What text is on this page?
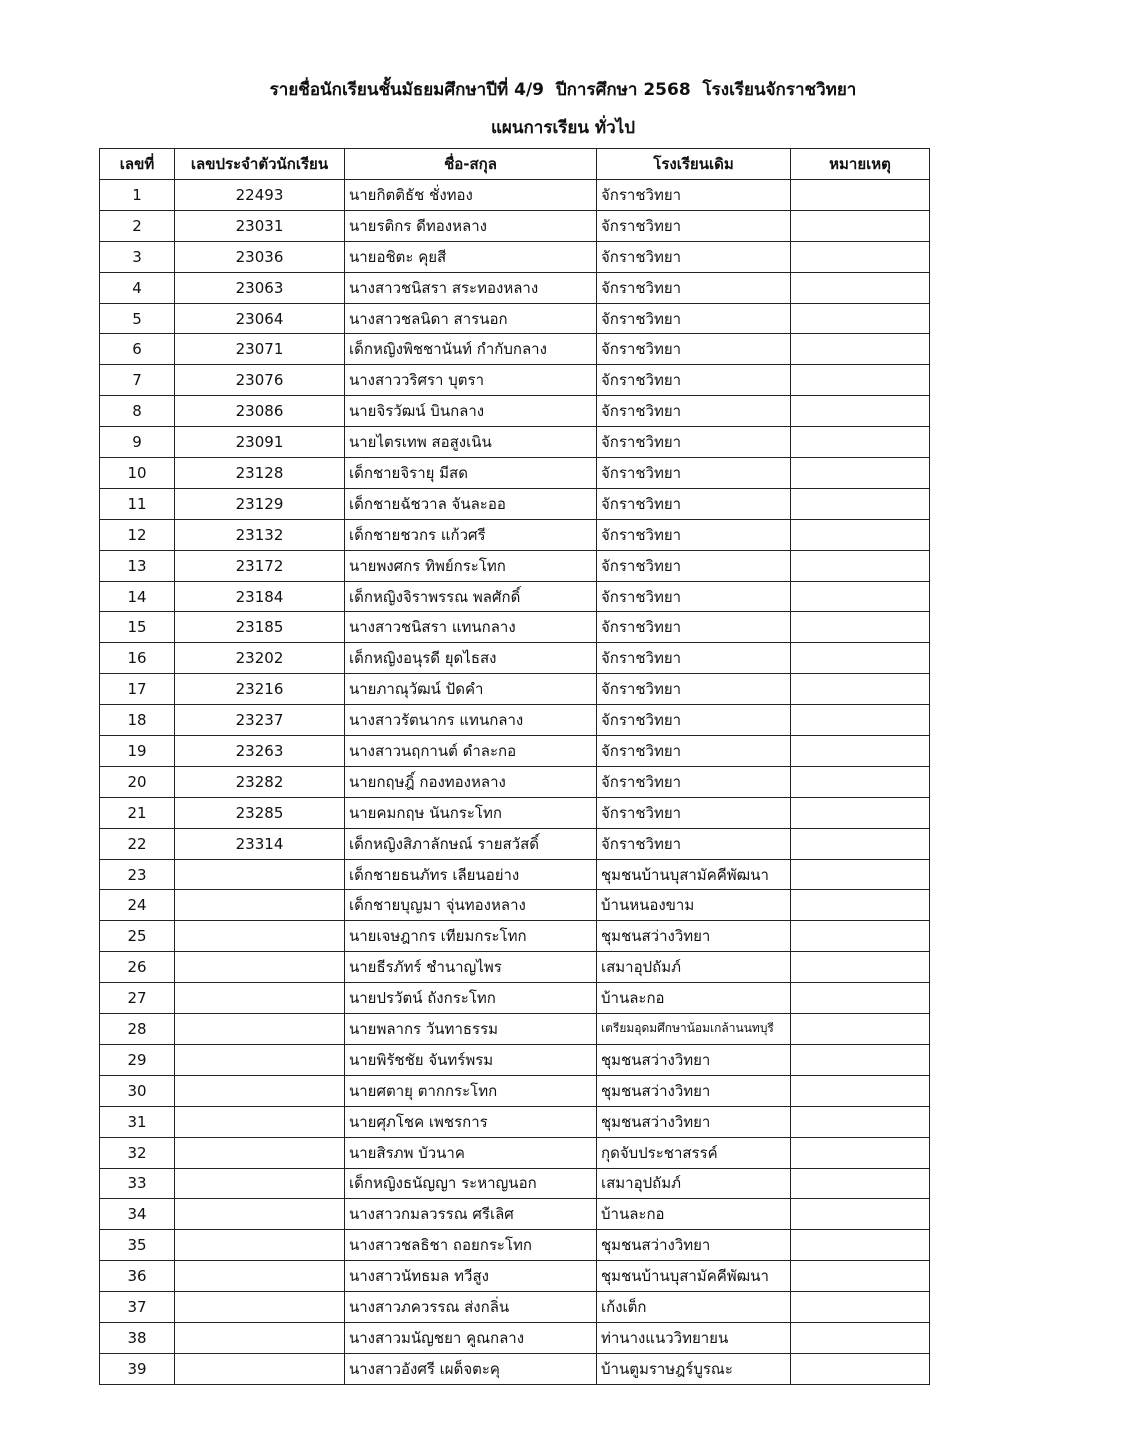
รายชื่อนักเรียนชั้นมัธยมศึกษาปีที่ 4/9  ปีการศึกษา 2568  โรงเรียนจักราชวิทยา
แผนการเรียน ทั่วไป
เลขที่	เลขประจำตัวนักเรียน	ชื่อ-สกุล	โรงเรียนเดิม	หมายเหตุ
1	22493	นายกิตติธัช ชั่งทอง	จักราชวิทยา	
2	23031	นายรติกร ดีทองหลาง	จักราชวิทยา	
3	23036	นายอชิตะ คุยสี	จักราชวิทยา	
4	23063	นางสาวชนิสรา สระทองหลาง	จักราชวิทยา	
5	23064	นางสาวชลนิดา สารนอก	จักราชวิทยา	
6	23071	เด็กหญิงพิชชานันท์ กำกับกลาง	จักราชวิทยา	
7	23076	นางสาววริศรา บุตรา	จักราชวิทยา	
8	23086	นายจิรวัฒน์ บินกลาง	จักราชวิทยา	
9	23091	นายไตรเทพ สอสูงเนิน	จักราชวิทยา	
10	23128	เด็กชายจิรายุ มีสด	จักราชวิทยา	
11	23129	เด็กชายฉัชวาล จันละออ	จักราชวิทยา	
12	23132	เด็กชายชวกร แก้วศรี	จักราชวิทยา	
13	23172	นายพงศกร ทิพย์กระโทก	จักราชวิทยา	
14	23184	เด็กหญิงจิราพรรณ พลศักดิ์	จักราชวิทยา	
15	23185	นางสาวชนิสรา แทนกลาง	จักราชวิทยา	
16	23202	เด็กหญิงอนุรดี ยุดไธสง	จักราชวิทยา	
17	23216	นายภาณุวัฒน์ ปัดคำ	จักราชวิทยา	
18	23237	นางสาวรัตนากร แทนกลาง	จักราชวิทยา	
19	23263	นางสาวนฤกานต์ ดำละกอ	จักราชวิทยา	
20	23282	นายกฤษฎิ์ กองทองหลาง	จักราชวิทยา	
21	23285	นายคมกฤษ นันกระโทก	จักราชวิทยา	
22	23314	เด็กหญิงสิภาลักษณ์ รายสวัสดิ์	จักราชวิทยา	
23		เด็กชายธนภัทร เลียนอย่าง	ชุมชนบ้านบุสามัคคีพัฒนา	
24		เด็กชายบุญมา จุ่นทองหลาง	บ้านหนองขาม	
25		นายเจษฎากร เทียมกระโทก	ชุมชนสว่างวิทยา	
26		นายธีรภัทร์ ชำนาญไพร	เสมาอุปถัมภ์	
27		นายปรวัตน์ ถังกระโทก	บ้านละกอ	
28		นายพลากร วันทาธรรม	เตรียมอุดมศึกษาน้อมเกล้านนทบุรี	
29		นายพิรัชชัย จันทร์พรม	ชุมชนสว่างวิทยา	
30		นายศตายุ ตากกระโทก	ชุมชนสว่างวิทยา	
31		นายศุภโชค เพชรการ	ชุมชนสว่างวิทยา	
32		นายสิรภพ บัวนาค	กุดจับประชาสรรค์	
33		เด็กหญิงธนัญญา ระหาญนอก	เสมาอุปถัมภ์	
34		นางสาวกมลวรรณ ศรีเลิศ	บ้านละกอ	
35		นางสาวชลธิชา ถอยกระโทก	ชุมชนสว่างวิทยา	
36		นางสาวนัทธมล ทวีสูง	ชุมชนบ้านบุสามัคคีพัฒนา	
37		นางสาวภควรรณ ส่งกลิ่น	เก้งเต็ก	
38		นางสาวมนัญชยา คูณกลาง	ท่านางแนววิทยายน	
39		นางสาวอังศรี เผด็จตะคุ	บ้านตูมราษฎร์บูรณะ	
